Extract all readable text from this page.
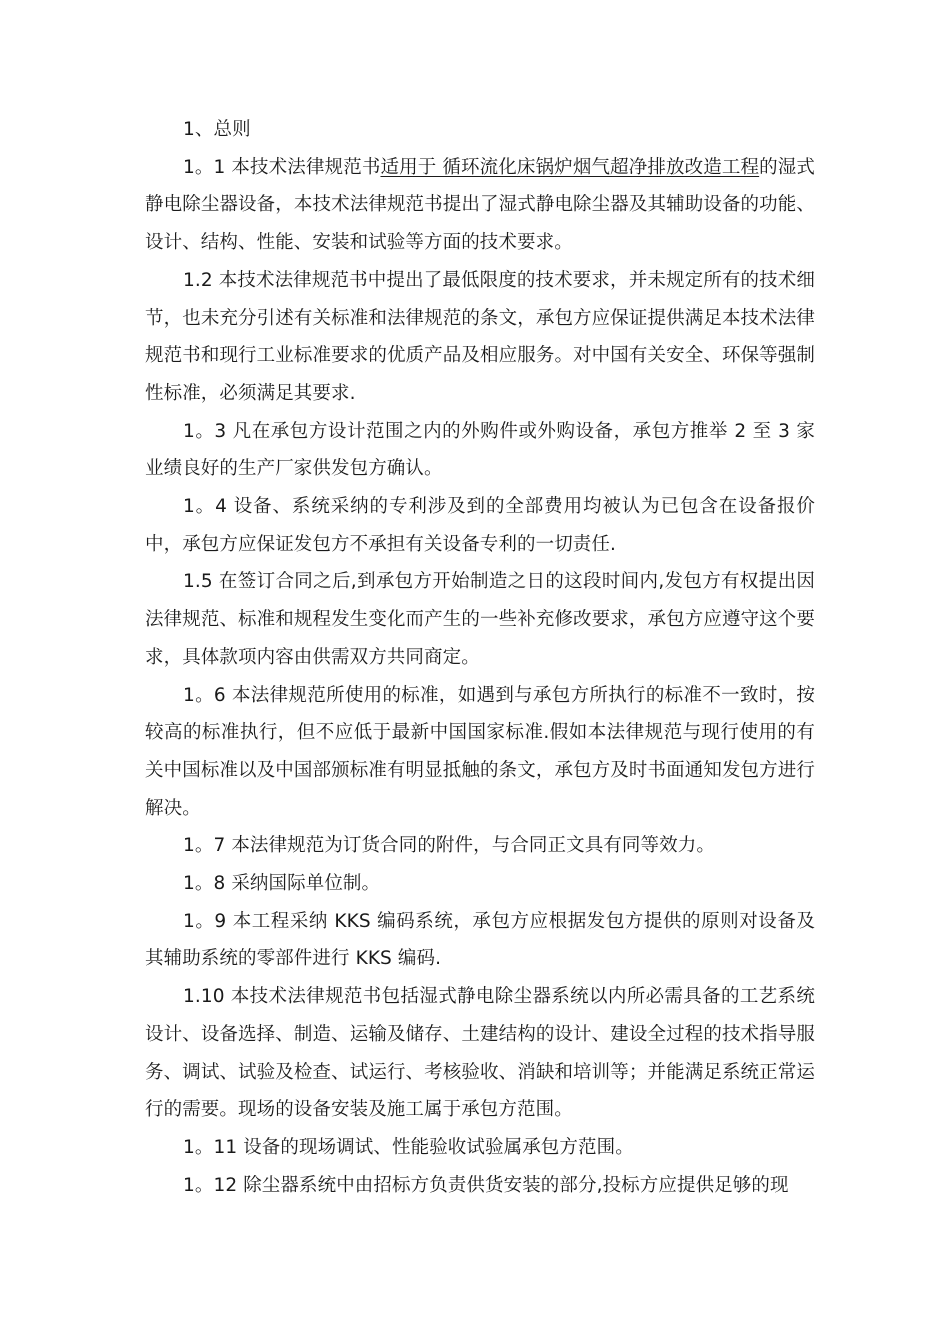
1、总则

1。1 本技术法律规范书适用于 循环流化床锅炉烟气超净排放改造工程的湿式静电除尘器设备，本技术法律规范书提出了湿式静电除尘器及其辅助设备的功能、设计、结构、性能、安装和试验等方面的技术要求。

1.2 本技术法律规范书中提出了最低限度的技术要求，并未规定所有的技术细节，也未充分引述有关标准和法律规范的条文，承包方应保证提供满足本技术法律规范书和现行工业标准要求的优质产品及相应服务。对中国有关安全、环保等强制性标准，必须满足其要求.

1。3 凡在承包方设计范围之内的外购件或外购设备，承包方推举 2 至 3 家业绩良好的生产厂家供发包方确认。

1。4 设备、系统采纳的专利涉及到的全部费用均被认为已包含在设备报价中，承包方应保证发包方不承担有关设备专利的一切责任.

1.5 在签订合同之后,到承包方开始制造之日的这段时间内,发包方有权提出因法律规范、标准和规程发生变化而产生的一些补充修改要求，承包方应遵守这个要求，具体款项内容由供需双方共同商定。

1。6 本法律规范所使用的标准，如遇到与承包方所执行的标准不一致时，按较高的标准执行，但不应低于最新中国国家标准.假如本法律规范与现行使用的有关中国标准以及中国部颁标准有明显抵触的条文，承包方及时书面通知发包方进行解决。

1。7 本法律规范为订货合同的附件，与合同正文具有同等效力。

1。8 采纳国际单位制。

1。9 本工程采纳 KKS 编码系统，承包方应根据发包方提供的原则对设备及其辅助系统的零部件进行 KKS 编码.

1.10 本技术法律规范书包括湿式静电除尘器系统以内所必需具备的工艺系统设计、设备选择、制造、运输及储存、土建结构的设计、建设全过程的技术指导服务、调试、试验及检查、试运行、考核验收、消缺和培训等；并能满足系统正常运行的需要。现场的设备安装及施工属于承包方范围。

1。11 设备的现场调试、性能验收试验属承包方范围。

1。12 除尘器系统中由招标方负责供货安装的部分,投标方应提供足够的现
